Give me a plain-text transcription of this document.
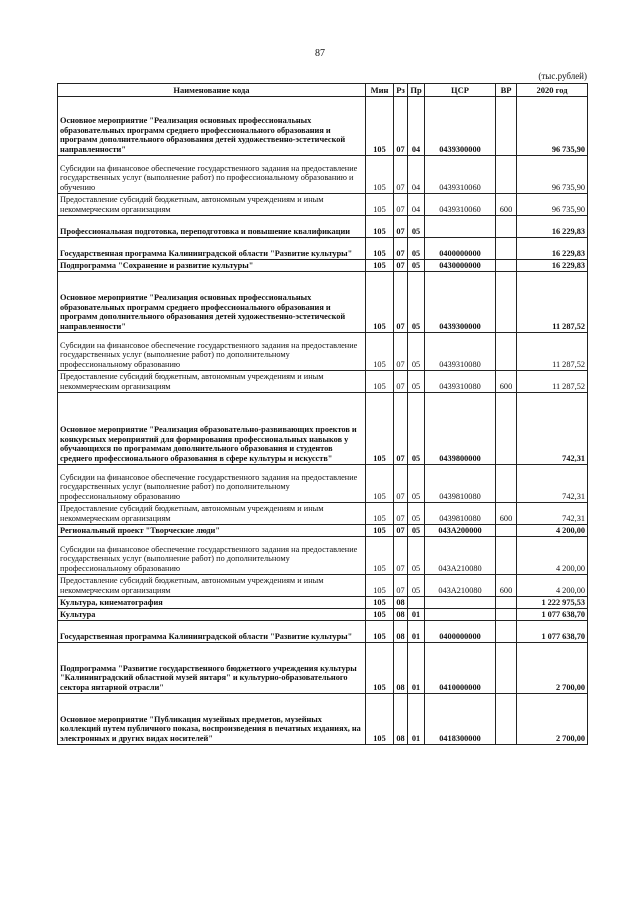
87
(тыс.рублей)
Наименование кода	Мин	Рз	Пр	ЦСР	ВР	2020 год
Основное мероприятие "Реализация основных профессиональных образовательных программ среднего профессионального образования и программ дополнительного образования детей художественно-эстетической направленности"	105	07	04	0439300000		96 735,90
Субсидии на финансовое обеспечение государственного задания на предоставление государственных услуг (выполнение работ) по профессиональному образованию и обучению	105	07	04	0439310060		96 735,90
Предоставление субсидий бюджетным, автономным учреждениям и иным некоммерческим организациям	105	07	04	0439310060	600	96 735,90
Профессиональная подготовка, переподготовка и повышение квалификации	105	07	05			16 229,83
Государственная программа Калининградской области "Развитие культуры"	105	07	05	0400000000		16 229,83
Подпрограмма "Сохранение и развитие культуры"	105	07	05	0430000000		16 229,83
Основное мероприятие "Реализация основных профессиональных образовательных программ среднего профессионального образования и программ дополнительного образования детей художественно-эстетической направленности"	105	07	05	0439300000		11 287,52
Субсидии на финансовое обеспечение государственного задания на предоставление государственных услуг (выполнение работ) по дополнительному профессиональному образованию	105	07	05	0439310080		11 287,52
Предоставление субсидий бюджетным, автономным учреждениям и иным некоммерческим организациям	105	07	05	0439310080	600	11 287,52
Основное мероприятие "Реализация образовательно-развивающих проектов и конкурсных мероприятий для формирования профессиональных навыков у обучающихся по программам дополнительного образования и студентов среднего профессионального образования в сфере культуры и искусств"	105	07	05	0439800000		742,31
Субсидии на финансовое обеспечение государственного задания на предоставление государственных услуг (выполнение работ) по дополнительному профессиональному образованию	105	07	05	0439810080		742,31
Предоставление субсидий бюджетным, автономным учреждениям и иным некоммерческим организациям	105	07	05	0439810080	600	742,31
Региональный проект "Творческие люди"	105	07	05	043A200000		4 200,00
Субсидии на финансовое обеспечение государственного задания на предоставление государственных услуг (выполнение работ) по дополнительному профессиональному образованию	105	07	05	043A210080		4 200,00
Предоставление субсидий бюджетным, автономным учреждениям и иным некоммерческим организациям	105	07	05	043A210080	600	4 200,00
Культура, кинематография	105	08				1 222 975,53
Культура	105	08	01			1 077 638,70
Государственная программа Калининградской области "Развитие культуры"	105	08	01	0400000000		1 077 638,70
Подпрограмма "Развитие государственного бюджетного учреждения культуры "Калининградский областной музей янтаря" и культурно-образовательного сектора янтарной отрасли"	105	08	01	0410000000		2 700,00
Основное мероприятие "Публикация музейных предметов, музейных коллекций путем публичного показа, воспроизведения в печатных изданиях, на электронных и других видах носителей"	105	08	01	0418300000		2 700,00
